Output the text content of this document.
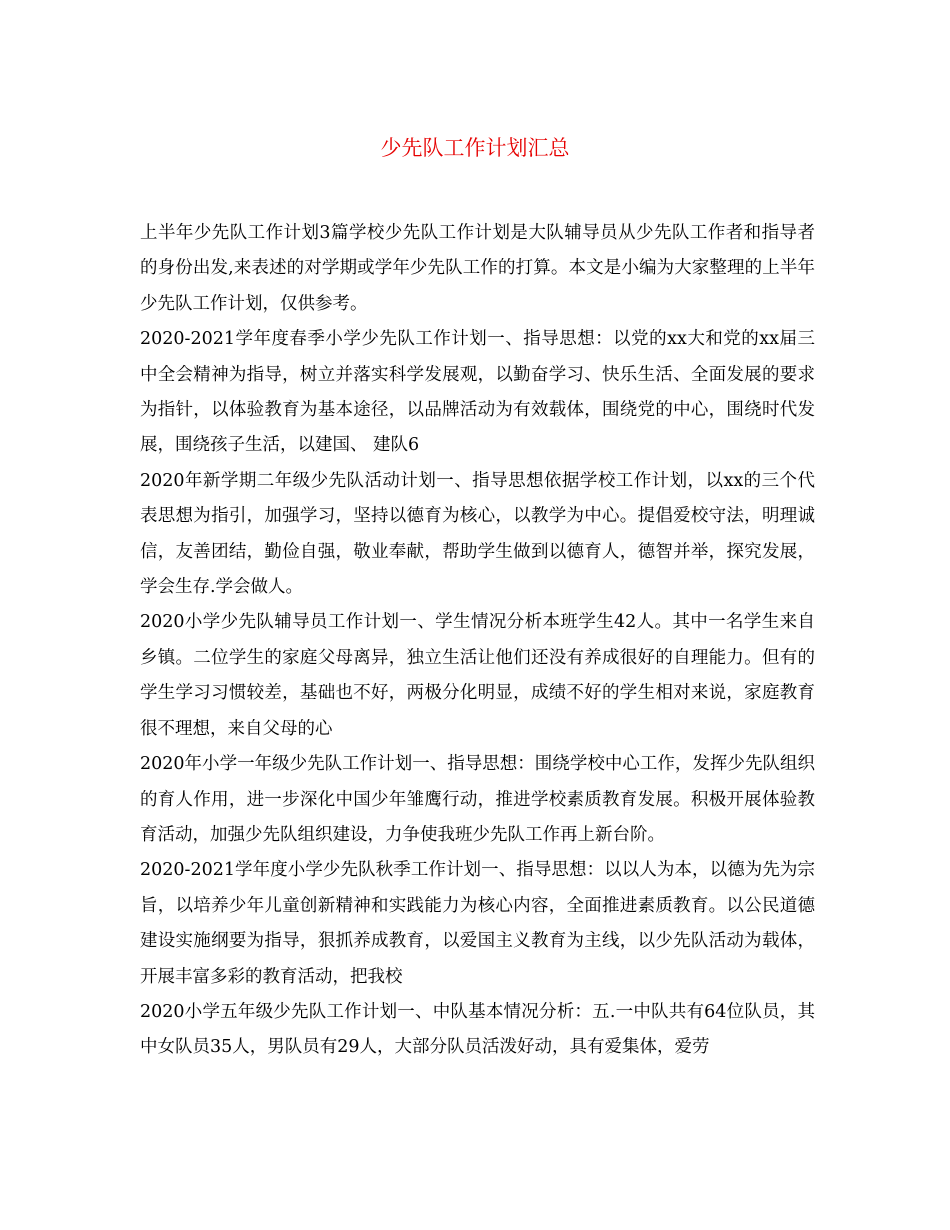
少先队工作计划汇总

上半年少先队工作计划3篇学校少先队工作计划是大队辅导员从少先队工作者和指导者的身份出发,来表述的对学期或学年少先队工作的打算。本文是小编为大家整理的上半年少先队工作计划，仅供参考。

2020-2021学年度春季小学少先队工作计划一、指导思想：以党的xx大和党的xx届三中全会精神为指导，树立并落实科学发展观，以勤奋学习、快乐生活、全面发展的要求为指针，以体验教育为基本途径，以品牌活动为有效载体，围绕党的中心，围绕时代发展，围绕孩子生活，以建国、 建队6

2020年新学期二年级少先队活动计划一、指导思想依据学校工作计划，以xx的三个代表思想为指引，加强学习，坚持以德育为核心，以教学为中心。提倡爱校守法，明理诚信，友善团结，勤俭自强，敬业奉献，帮助学生做到以德育人，德智并举，探究发展，学会生存.学会做人。

2020小学少先队辅导员工作计划一、学生情况分析本班学生42人。其中一名学生来自乡镇。二位学生的家庭父母离异，独立生活让他们还没有养成很好的自理能力。但有的学生学习习惯较差，基础也不好，两极分化明显，成绩不好的学生相对来说，家庭教育很不理想，来自父母的心

2020年小学一年级少先队工作计划一、指导思想：围绕学校中心工作，发挥少先队组织的育人作用，进一步深化中国少年雏鹰行动，推进学校素质教育发展。积极开展体验教育活动，加强少先队组织建设，力争使我班少先队工作再上新台阶。

2020-2021学年度小学少先队秋季工作计划一、指导思想：以以人为本，以德为先为宗旨，以培养少年儿童创新精神和实践能力为核心内容，全面推进素质教育。以公民道德建设实施纲要为指导，狠抓养成教育，以爱国主义教育为主线，以少先队活动为载体，开展丰富多彩的教育活动，把我校

2020小学五年级少先队工作计划一、中队基本情况分析：五.一中队共有64位队员，其中女队员35人，男队员有29人，大部分队员活泼好动，具有爱集体，爱劳
